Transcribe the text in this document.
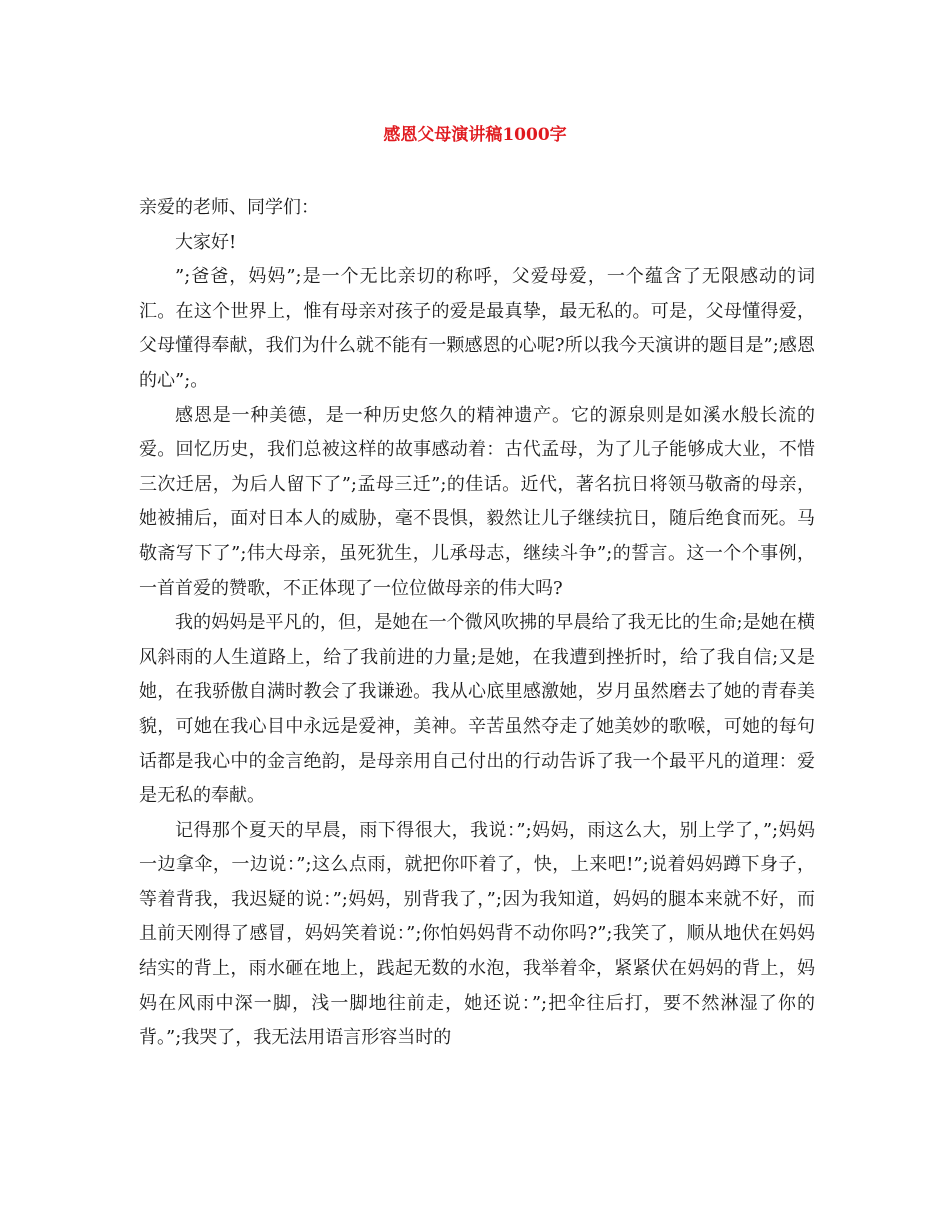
感恩父母演讲稿1000字

亲爱的老师、同学们：

大家好!

”;爸爸，妈妈”;是一个无比亲切的称呼，父爱母爱，一个蕴含了无限感动的词汇。在这个世界上，惟有母亲对孩子的爱是最真挚，最无私的。可是，父母懂得爱，父母懂得奉献，我们为什么就不能有一颗感恩的心呢?所以我今天演讲的题目是”;感恩的心”;。

感恩是一种美德，是一种历史悠久的精神遗产。它的源泉则是如溪水般长流的爱。回忆历史，我们总被这样的故事感动着：古代孟母，为了儿子能够成大业，不惜三次迁居，为后人留下了”;孟母三迁”;的佳话。近代，著名抗日将领马敬斋的母亲，她被捕后，面对日本人的威胁，毫不畏惧，毅然让儿子继续抗日，随后绝食而死。马敬斋写下了”;伟大母亲，虽死犹生，儿承母志，继续斗争”;的誓言。这一个个事例，一首首爱的赞歌，不正体现了一位位做母亲的伟大吗?

我的妈妈是平凡的，但，是她在一个微风吹拂的早晨给了我无比的生命;是她在横风斜雨的人生道路上，给了我前进的力量;是她，在我遭到挫折时，给了我自信;又是她，在我骄傲自满时教会了我谦逊。我从心底里感激她，岁月虽然磨去了她的青春美貌，可她在我心目中永远是爱神，美神。辛苦虽然夺走了她美妙的歌喉，可她的每句话都是我心中的金言绝韵，是母亲用自己付出的行动告诉了我一个最平凡的道理：爱是无私的奉献。

记得那个夏天的早晨，雨下得很大，我说：”;妈妈，雨这么大，别上学了，”;妈妈一边拿伞，一边说：”;这么点雨，就把你吓着了，快，上来吧!”;说着妈妈蹲下身子，等着背我，我迟疑的说：”;妈妈，别背我了，”;因为我知道，妈妈的腿本来就不好，而且前天刚得了感冒，妈妈笑着说：”;你怕妈妈背不动你吗?”;我笑了，顺从地伏在妈妈结实的背上，雨水砸在地上，践起无数的水泡，我举着伞，紧紧伏在妈妈的背上，妈妈在风雨中深一脚，浅一脚地往前走，她还说：”;把伞往后打，要不然淋湿了你的背。”;我哭了，我无法用语言形容当时的
